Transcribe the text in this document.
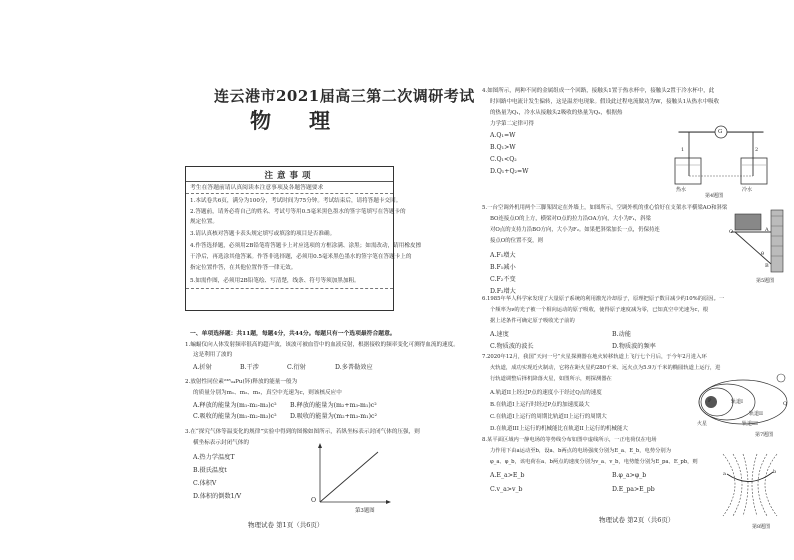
连云港市2021届高三第二次调研考试
物理
注意事项
考生在答题前请认真阅读本注意事项及各题答题要求
1.本试卷共6页，满分为100分，考试时间为75分钟。考试结束后，请将答题卡交回。
2.答题前，请务必将自己的姓名、考试号等用0.5毫米黑色墨水的签字笔填写在答题卡的
规定位置。
3.请认真核对答题卡表头规定填写或填涂的项目是否准确。
4.作答选择题，必须用2B铅笔将答题卡上对应选项的方框涂满、涂黑；如需改动，请用橡皮擦
干净后，再选涂其他答案。作答非选择题，必须用0.5毫米黑色墨水的签字笔在答题卡上的
指定位置作答，在其他位置作答一律无效。
5.如需作图，必须用2B铅笔绘、写清楚，线条、符号等须加黑加粗。
一、单项选择题：共11题，每题4分，共44分。每题只有一个选项最符合题意。
1.蝙蝠仪向人体发射频率很高的超声波，该波可被血管中的血液反射，根据接收的频率变化可测得血流的速度。
这是利用了波的
A.折射	B.干涉	C.衍射	D.多普勒效应
2.放射性同位素²³⁸₉₄Pu(钚)释放的能量一般为
的质量分别为m₁、m₂、m₃，真空中光速为c，则该核反应中
A.释放的能量为(m₁-m₂-m₃)c² B.释放的能量为(m₂+m₃-m₁)c²
C.吸收的能量为(m₁-m₂-m₃)c² D.吸收的能量为(m₂+m₃-m₁)c²
3.在“探究气体等温变化的规律”实验中得到的图像如图所示，若纵坐标表示封闭气体的压强，则
横坐标表示封闭气体的
A.热力学温度T
B.摄氏温度t
C.体积V
D.体积的倒数1/V
O
第3题图
物理试卷 第1页（共6页）
4.如图所示，两种不同的金属组成一个回路，接触头1置于热水杯中，接触头2置于冷水杯中，此
时回路中电流计发生偏转，这是温差电现象。假设此过程电流做功为W，接触头1从热水中吸收
的热量为Q₁，冷水从接触头2吸收的热量为Q₂，根据热
力学第二定律可得
A.Q₁=W
B.Q₁>W
C.Q₁<Q₂
D.Q₁+Q₂=W
G
1	2
热水	冷水
第4题图
5.一台空调外机用两个三脚架固定在外墙上，如图所示，空调外机的重心恰好在支架水平横梁AO和斜梁
BO连接点O的上方，横梁对O点的拉力沿OA方向，大小为F₁，斜梁
对O点的支持力沿BO方向，大小为F₂。如果把斜梁加长一点，仍保持连
接点O的位置不变，则
A.F₁增大
B.F₁减小
C.F₂不变
D.F₂增大
A
O
B
θ
第5题图
6.1985年华人科学家发现了大量原子系统的利用激光冷却原子，原理把原子数目减少约10%的原因。一
个频率为ν的光子被一个相向运动的原子吸收，使得原子速度减为零，已知真空中光速为c，根
据上述条件可确定原子吸收光子前的
A.速度	B.动能
C.物质波的波长	D.物质波的频率
7.2020年12月，我国“天问一号”火星探测器在地火转移轨道上飞行七个月后，于今年2月进入环
火轨道，成功实现近火制动，它将在距火星约280千米、远火点为5.9万千米的椭圆轨道上运行，进
行轨道调整后择机降落火星，如图所示，则探测器在
A.轨道II上经过P点的速度小于经过Q点的速度
B.在轨道I上运行时经过P点的加速度最大
C.在轨道I上运行的周期比轨道II上运行的周期大
D.在轨道III上运行的机械能比在轨道II上运行的机械能大
轨道I
轨道II
轨道III
火星
P	Q
第7题图
8.某平面区域内一静电场的等势线分布如图中虚线所示，一正电荷仅在电场
力作用下由a运动至b，设a、b两点的电场强度分别为E_a、E_b，电势分别为
φ_a、φ_b，该电荷在a、b两点的速度分别为v_a、v_b，电势能分别为E_pa、E_pb，则
A.E_a>E_b	B.φ_a>φ_b
C.v_a>v_b	D.E_pa>E_pb
a	b
第8题图
物理试卷 第2页（共6页）
